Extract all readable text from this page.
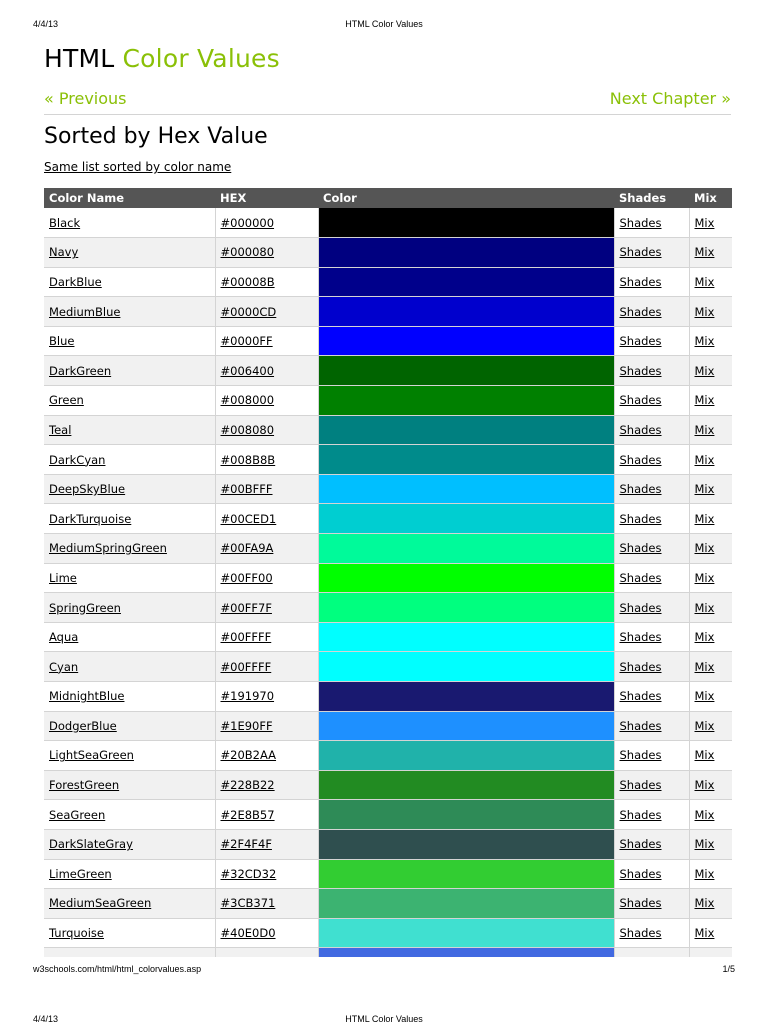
4/4/13	HTML Color Values
HTML Color Values
« Previous	Next Chapter »
Sorted by Hex Value
Same list sorted by color name
Color Name	HEX	Color	Shades	Mix
Black	#000000		Shades	Mix
Navy	#000080		Shades	Mix
DarkBlue	#00008B		Shades	Mix
MediumBlue	#0000CD		Shades	Mix
Blue	#0000FF		Shades	Mix
DarkGreen	#006400		Shades	Mix
Green	#008000		Shades	Mix
Teal	#008080		Shades	Mix
DarkCyan	#008B8B		Shades	Mix
DeepSkyBlue	#00BFFF		Shades	Mix
DarkTurquoise	#00CED1		Shades	Mix
MediumSpringGreen	#00FA9A		Shades	Mix
Lime	#00FF00		Shades	Mix
SpringGreen	#00FF7F		Shades	Mix
Aqua	#00FFFF		Shades	Mix
Cyan	#00FFFF		Shades	Mix
MidnightBlue	#191970		Shades	Mix
DodgerBlue	#1E90FF		Shades	Mix
LightSeaGreen	#20B2AA		Shades	Mix
ForestGreen	#228B22		Shades	Mix
SeaGreen	#2E8B57		Shades	Mix
DarkSlateGray	#2F4F4F		Shades	Mix
LimeGreen	#32CD32		Shades	Mix
MediumSeaGreen	#3CB371		Shades	Mix
Turquoise	#40E0D0		Shades	Mix

w3schools.com/html/html_colorvalues.asp	1/5
4/4/13	HTML Color Values
